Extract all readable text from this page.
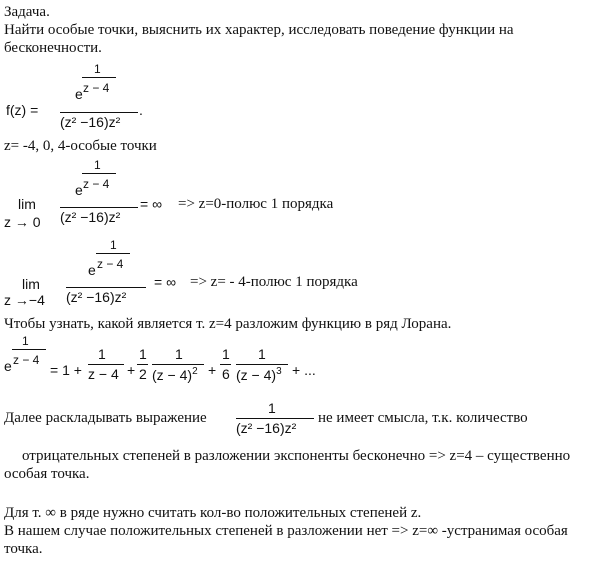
Задача.
Найти особые точки, выяснить их характер, исследовать поведение функции на
бесконечности.
f(z) =
1
e z − 4
(z² −16)z²
.
z= -4, 0, 4-особые точки
lim
z → 0
1
e z − 4
(z² −16)z²
= ∞ => z=0-полюс 1 порядка
lim
z →−4
1
e z − 4
(z² −16)z²
= ∞ => z= - 4-полюс 1 порядка
Чтобы узнать, какой является т. z=4 разложим функцию в ряд Лорана.
1
e z − 4
= 1 +
1
z − 4 +
1
2
1
$(z - 4)^2$ +
1
6
1
$(z - 4)^3$ + ...
Далее раскладывать выражение
1
(z² −16)z²
не имеет смысла, т.к. количество
отрицательных степеней в разложении экспоненты бесконечно => z=4 – существенно
особая точка.
Для т. ∞ в ряде нужно считать кол-во положительных степеней z.
В нашем случае положительных степеней в разложении нет => z=∞ -устранимая особая
точка.
